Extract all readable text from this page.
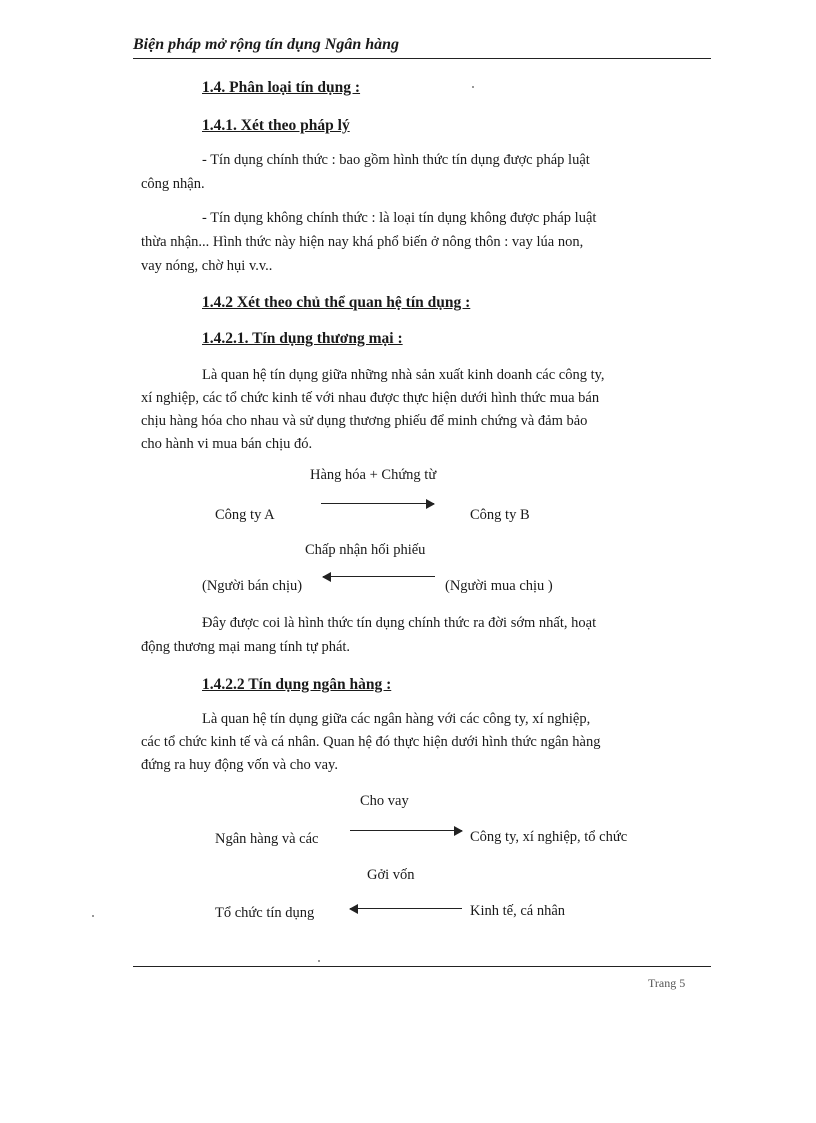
Biện pháp mở rộng tín dụng Ngân hàng
1.4. Phân loại tín dụng :
1.4.1. Xét theo pháp lý
- Tín dụng chính thức : bao gồm hình thức tín dụng được pháp luật
công nhận.
- Tín dụng không chính thức : là loại tín dụng không được pháp luật
thừa nhận... Hình thức này hiện nay khá phổ biến ở nông thôn : vay lúa non,
vay nóng, chờ hụi v.v..
1.4.2 Xét theo chủ thể quan hệ tín dụng :
1.4.2.1. Tín dụng thương mại :
Là quan hệ tín dụng giữa những nhà sản xuất kinh doanh các công ty,
xí nghiệp, các tổ chức kinh tế với nhau được thực hiện dưới hình thức mua bán
chịu hàng hóa cho nhau và sử dụng thương phiếu để minh chứng và đảm bảo
cho hành vi mua bán chịu đó.
Hàng hóa + Chứng từ
Công ty A	Công ty B
Chấp nhận hối phiếu
(Người bán chịu)	(Người mua chịu )
Đây được coi là hình thức tín dụng chính thức ra đời sớm nhất, hoạt
động thương mại mang tính tự phát.
1.4.2.2 Tín dụng ngân hàng :
Là quan hệ tín dụng giữa các ngân hàng với các công ty, xí nghiệp,
các tổ chức kinh tế và cá nhân. Quan hệ đó thực hiện dưới hình thức ngân hàng
đứng ra huy động vốn và cho vay.
Cho vay
Ngân hàng và các	Công ty, xí nghiệp, tổ chức
Gởi vốn
Tổ chức tín dụng	Kinh tế, cá nhân
Trang 5
